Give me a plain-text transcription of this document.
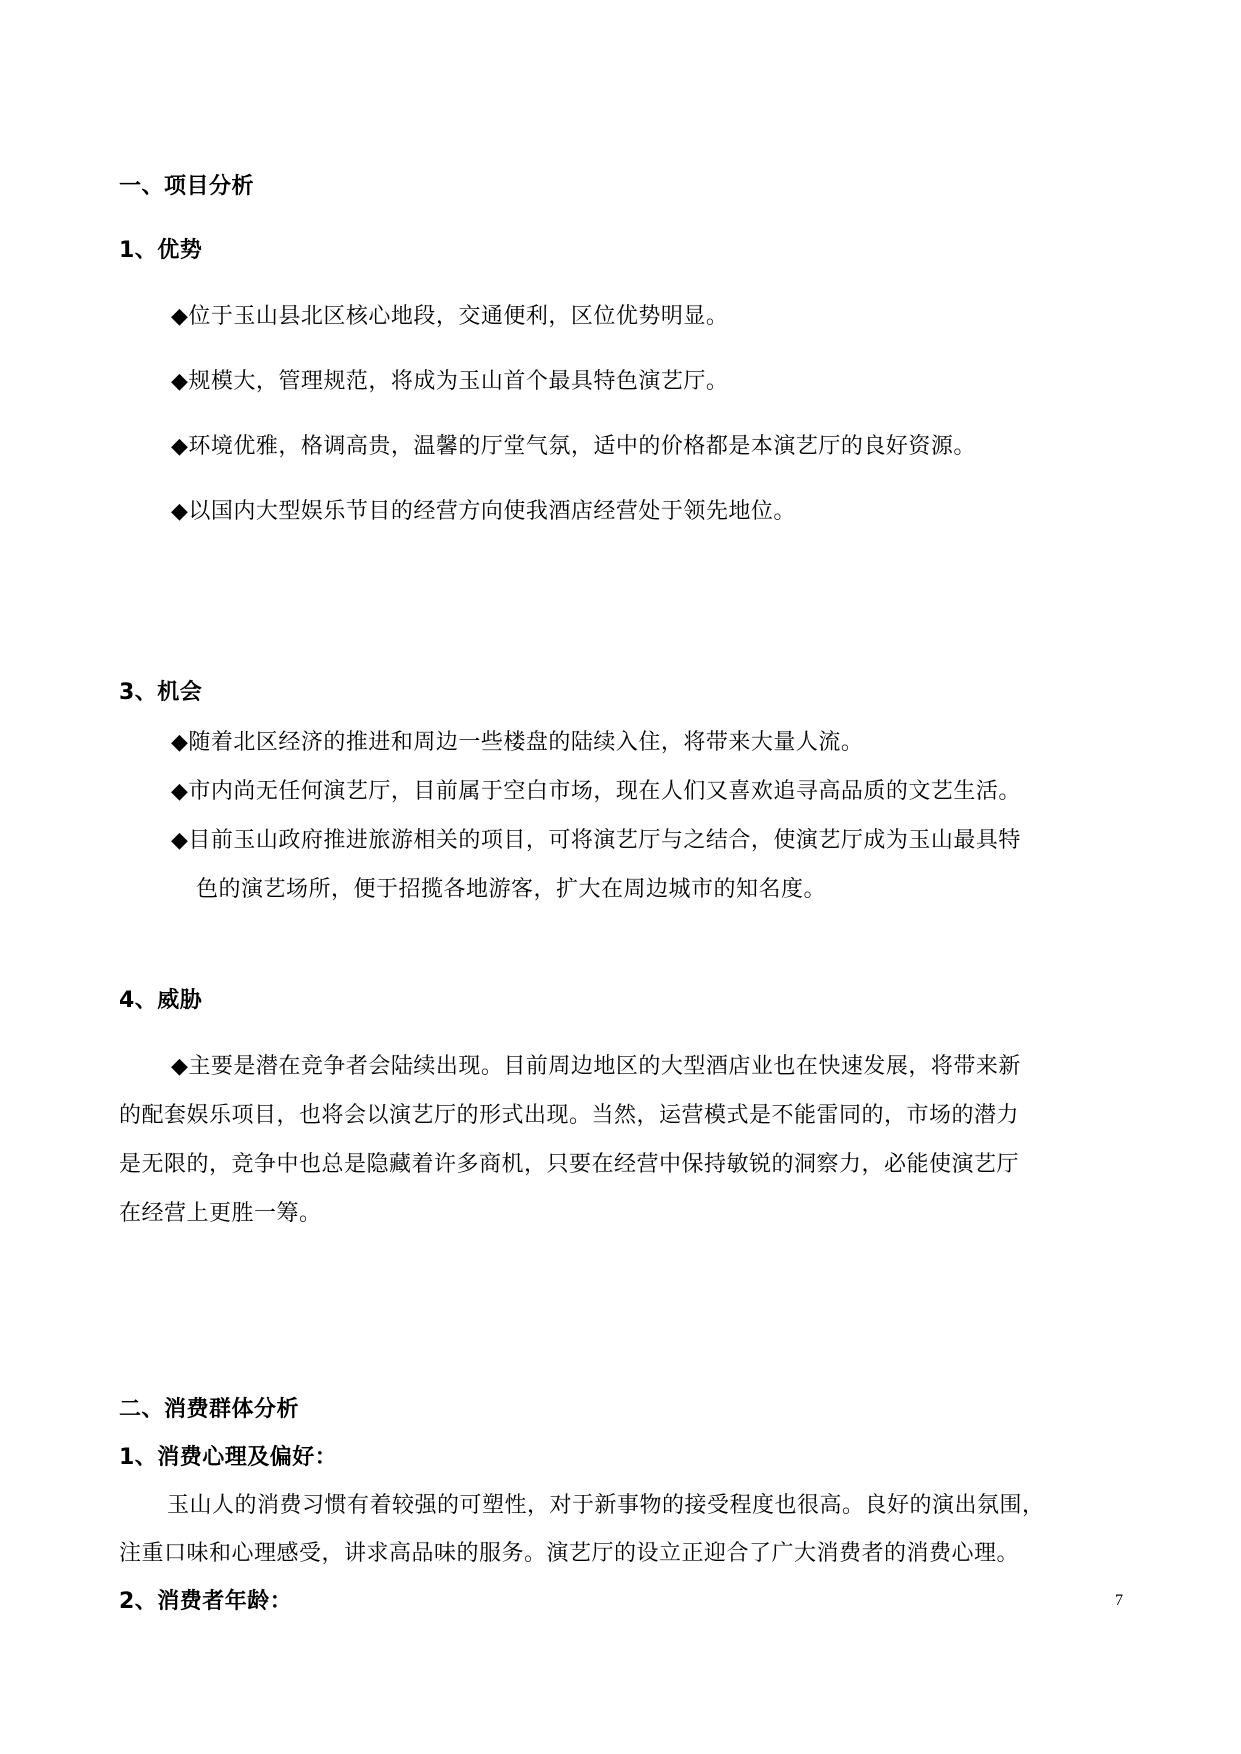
一、项目分析
1、优势
◆位于玉山县北区核心地段，交通便利，区位优势明显。
◆规模大，管理规范，将成为玉山首个最具特色演艺厅。
◆环境优雅，格调高贵，温馨的厅堂气氛，适中的价格都是本演艺厅的良好资源。
◆以国内大型娱乐节目的经营方向使我酒店经营处于领先地位。
3、机会
◆随着北区经济的推进和周边一些楼盘的陆续入住，将带来大量人流。
◆市内尚无任何演艺厅，目前属于空白市场，现在人们又喜欢追寻高品质的文艺生活。
◆目前玉山政府推进旅游相关的项目，可将演艺厅与之结合，使演艺厅成为玉山最具特
色的演艺场所，便于招揽各地游客，扩大在周边城市的知名度。
4、威胁
◆主要是潜在竞争者会陆续出现。目前周边地区的大型酒店业也在快速发展，将带来新
的配套娱乐项目，也将会以演艺厅的形式出现。当然，运营模式是不能雷同的，市场的潜力
是无限的，竞争中也总是隐藏着许多商机，只要在经营中保持敏锐的洞察力，必能使演艺厅
在经营上更胜一筹。
二、消费群体分析
1、消费心理及偏好：
玉山人的消费习惯有着较强的可塑性，对于新事物的接受程度也很高。良好的演出氛围，
注重口味和心理感受，讲求高品味的服务。演艺厅的设立正迎合了广大消费者的消费心理。
2、消费者年龄：	7
